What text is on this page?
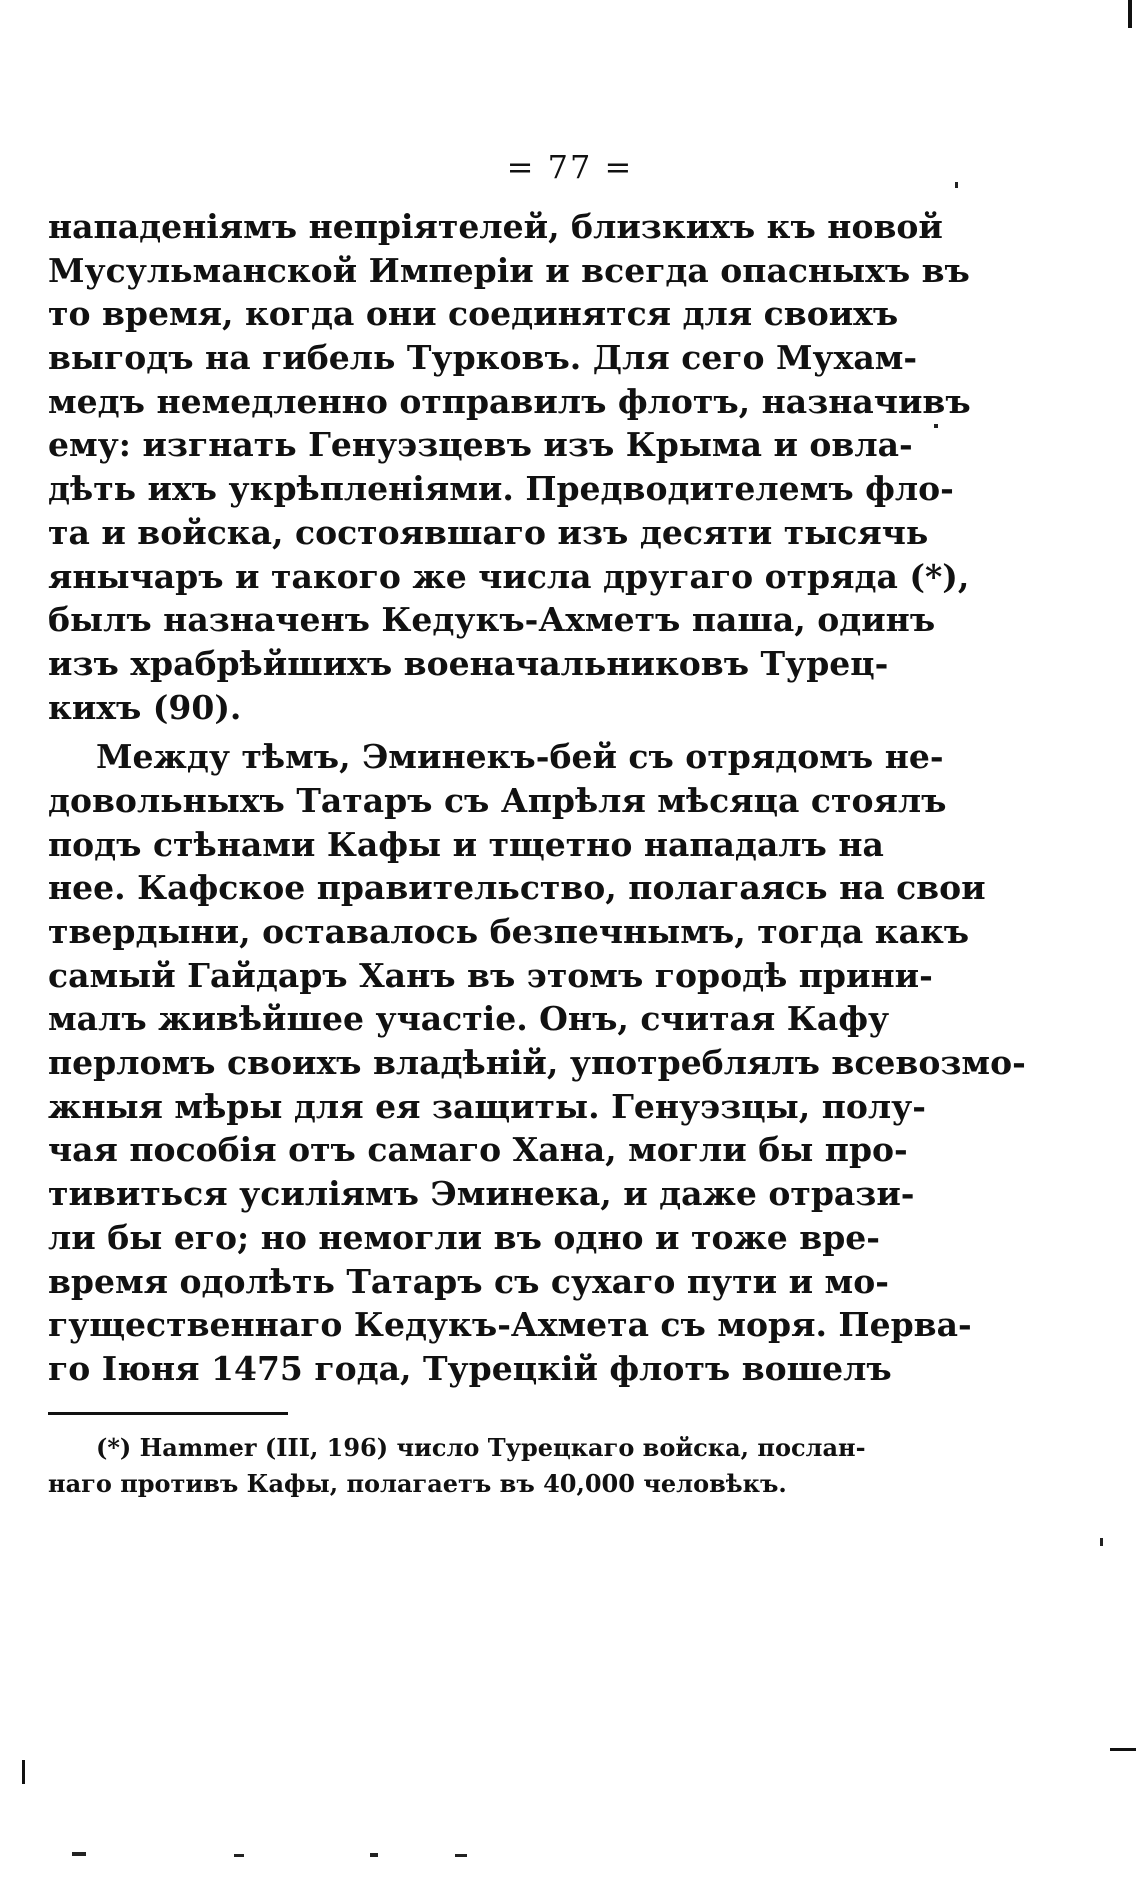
= 77 =
нападеніямъ непріятелей, близкихъ къ новой
Мусульманской Имперіи и всегда опасныхъ въ
то время, когда они соединятся для своихъ
выгодъ на гибель Турковъ. Для сего Мухам-
медъ немедленно отправилъ флотъ, назначивъ
ему: изгнать Генуэзцевъ изъ Крыма и овла-
дѣть ихъ укрѣпленіями. Предводителемъ фло-
та и войска, состоявшаго изъ десяти тысячь
янычаръ и такого же числа другаго отряда (*),
былъ назначенъ Кедукъ-Ахметъ паша, одинъ
изъ храбрѣйшихъ военачальниковъ Турец-
кихъ (90).
Между тѣмъ, Эминекъ-бей съ отрядомъ не-
довольныхъ Татаръ съ Апрѣля мѣсяца стоялъ
подъ стѣнами Кафы и тщетно нападалъ на
нее. Кафское правительство, полагаясь на свои
твердыни, оставалось безпечнымъ, тогда какъ
самый Гайдаръ Ханъ въ этомъ городѣ прини-
малъ живѣйшее участіе. Онъ, считая Кафу
перломъ своихъ владѣній, употреблялъ всевозмо-
жныя мѣры для ея защиты. Генуэзцы, полу-
чая пособія отъ самаго Хана, могли бы про-
тивиться усиліямъ Эминека, и даже отрази-
ли бы его; но немогли въ одно и тоже вре-
время одолѣть Татаръ съ сухаго пути и мо-
гущественнаго Кедукъ-Ахмета съ моря. Перва-
го Іюня 1475 года, Турецкій флотъ вошелъ
(*) Hammer (III, 196) число Турецкаго войска, послан-
наго противъ Кафы, полагаетъ въ 40,000 человѣкъ.
